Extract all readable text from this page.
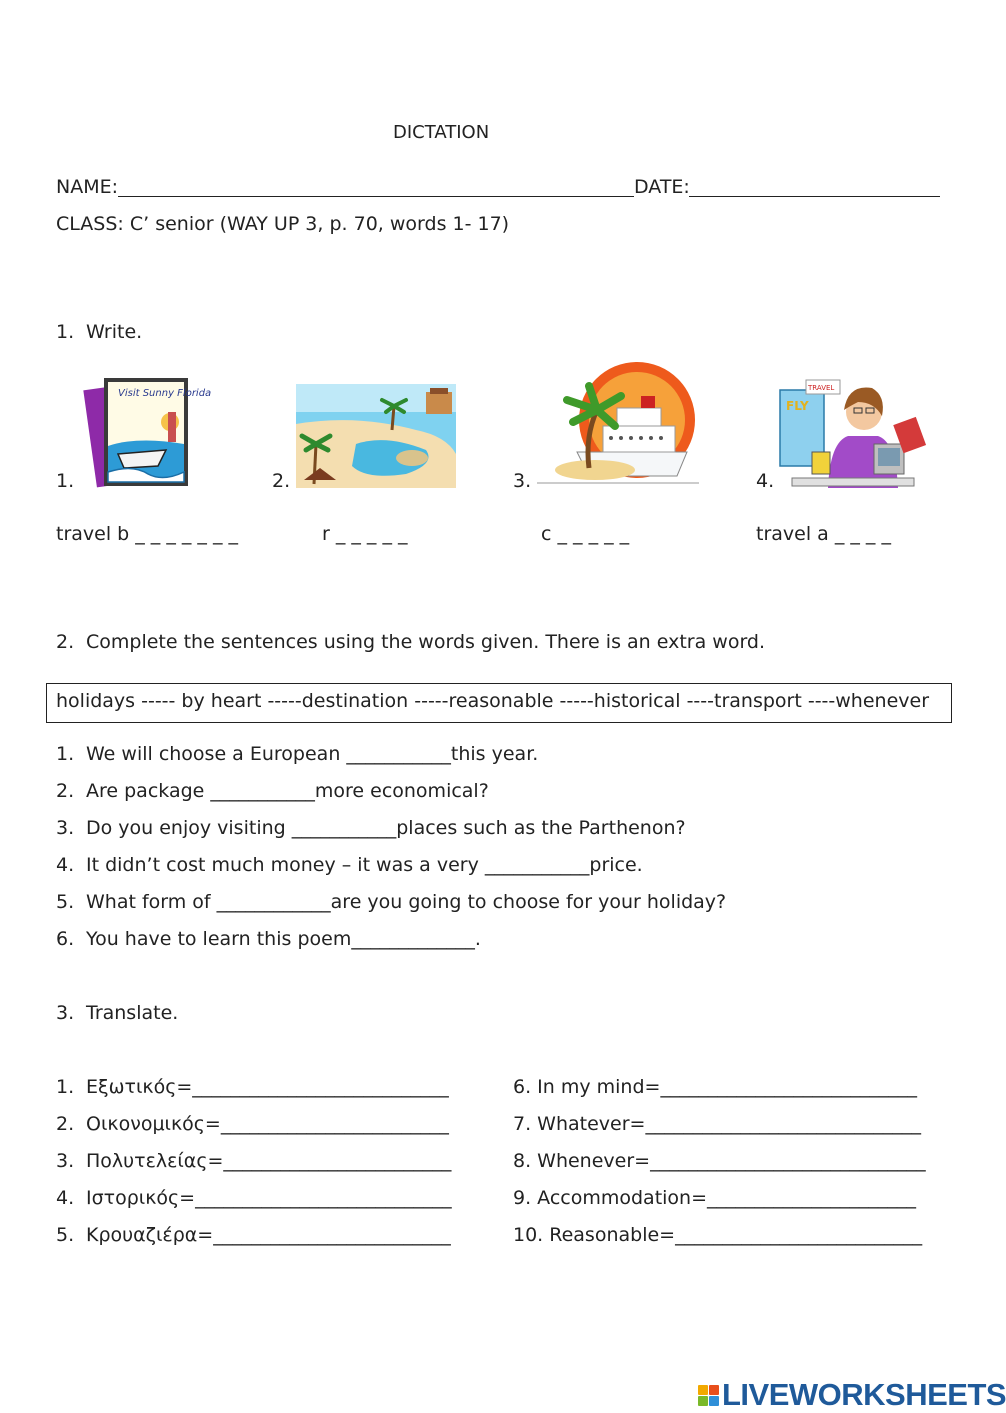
DICTATION
NAME:	DATE:
CLASS: C’ senior (WAY UP 3, p. 70, words 1- 17)
1. Write.
1.	2.	3.	4.
Visit Sunny Florida
FLY
TRAVEL
travel b _ _ _ _ _ _ _	r _ _ _ _ _	c _ _ _ _ _	travel a _ _ _ _
2. Complete the sentences using the words given. There is an extra word.
holidays ----- by heart -----destination -----reasonable -----historical ----transport ----whenever
1. We will choose a European ___________this year.
2. Are package ___________more economical?
3. Do you enjoy visiting ___________places such as the Parthenon?
4. It didn’t cost much money – it was a very ___________price.
5. What form of ____________are you going to choose for your holiday?
6. You have to learn this poem_____________.
3. Translate.
1. Εξωτικός=___________________________
2. Οικονομικός=________________________
3. Πολυτελείας=________________________
4. Ιστορικός=___________________________
5. Κρουαζιέρα=_________________________
6. In my mind=___________________________
7. Whatever=_____________________________
8. Whenever=_____________________________
9. Accommodation=______________________
10. Reasonable=__________________________
LIVEWORKSHEETS
